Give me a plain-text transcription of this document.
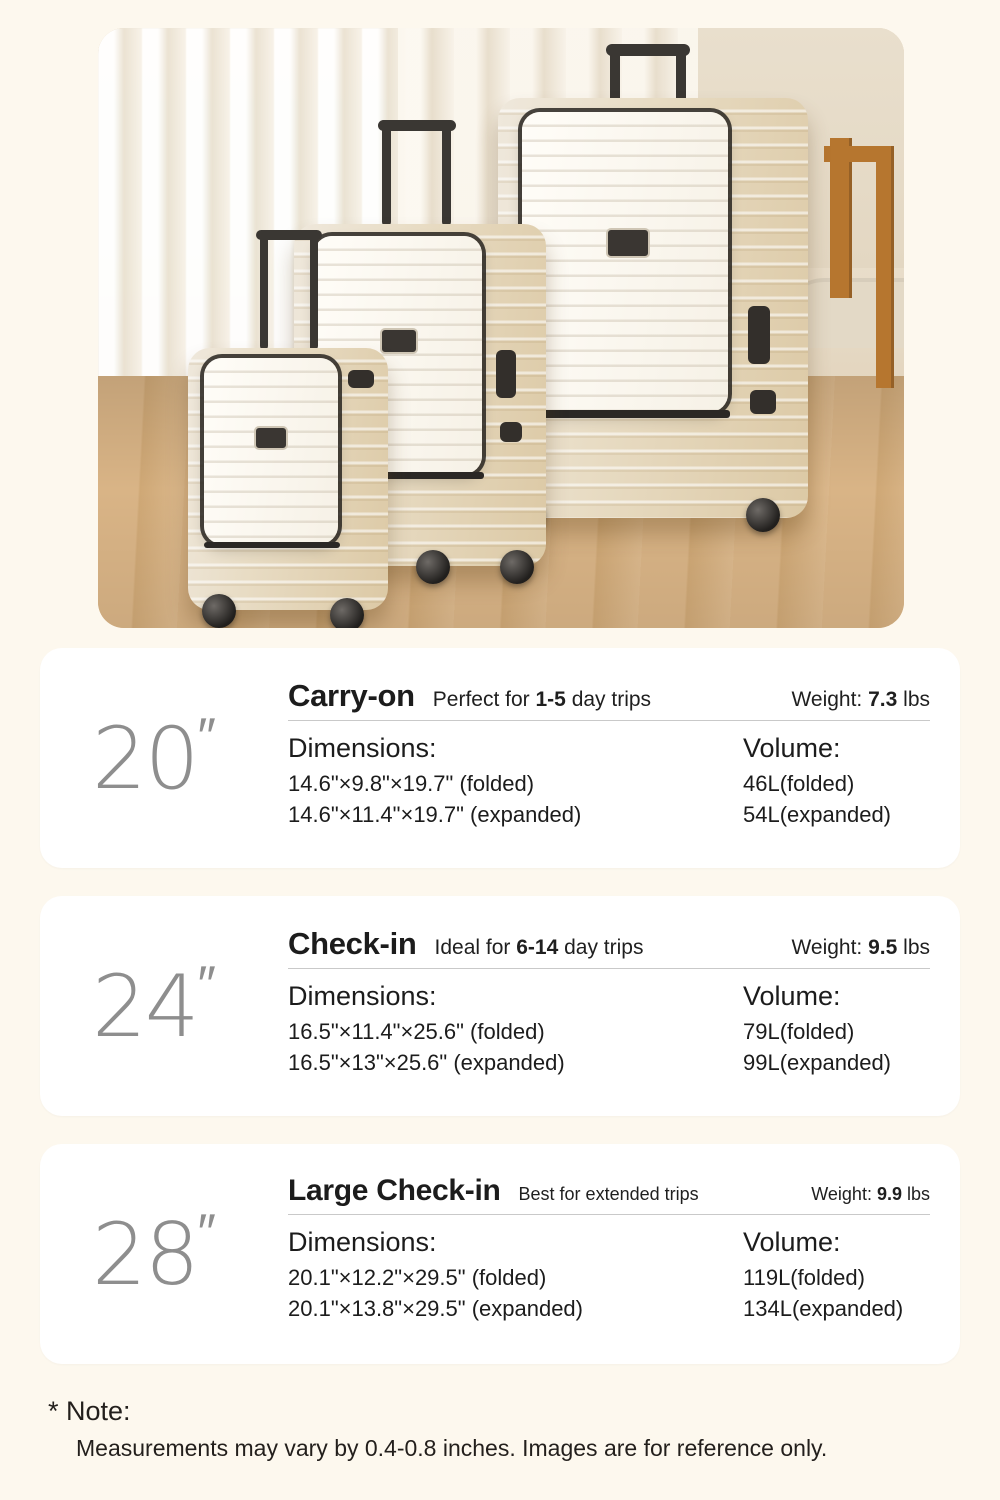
20″
Carry-on Perfect for 1-5 day trips	Weight: 7.3 lbs
Dimensions:
14.6"×9.8"×19.7" (folded)
14.6"×11.4"×19.7" (expanded)
Volume:
46L(folded)
54L(expanded)
24″
Check-in Ideal for 6-14 day trips	Weight: 9.5 lbs
Dimensions:
16.5"×11.4"×25.6" (folded)
16.5"×13"×25.6" (expanded)
Volume:
79L(folded)
99L(expanded)
28″
Large Check-in Best for extended trips	Weight: 9.9 lbs
Dimensions:
20.1"×12.2"×29.5" (folded)
20.1"×13.8"×29.5" (expanded)
Volume:
119L(folded)
134L(expanded)
* Note:
Measurements may vary by 0.4-0.8 inches. Images are for reference only.
